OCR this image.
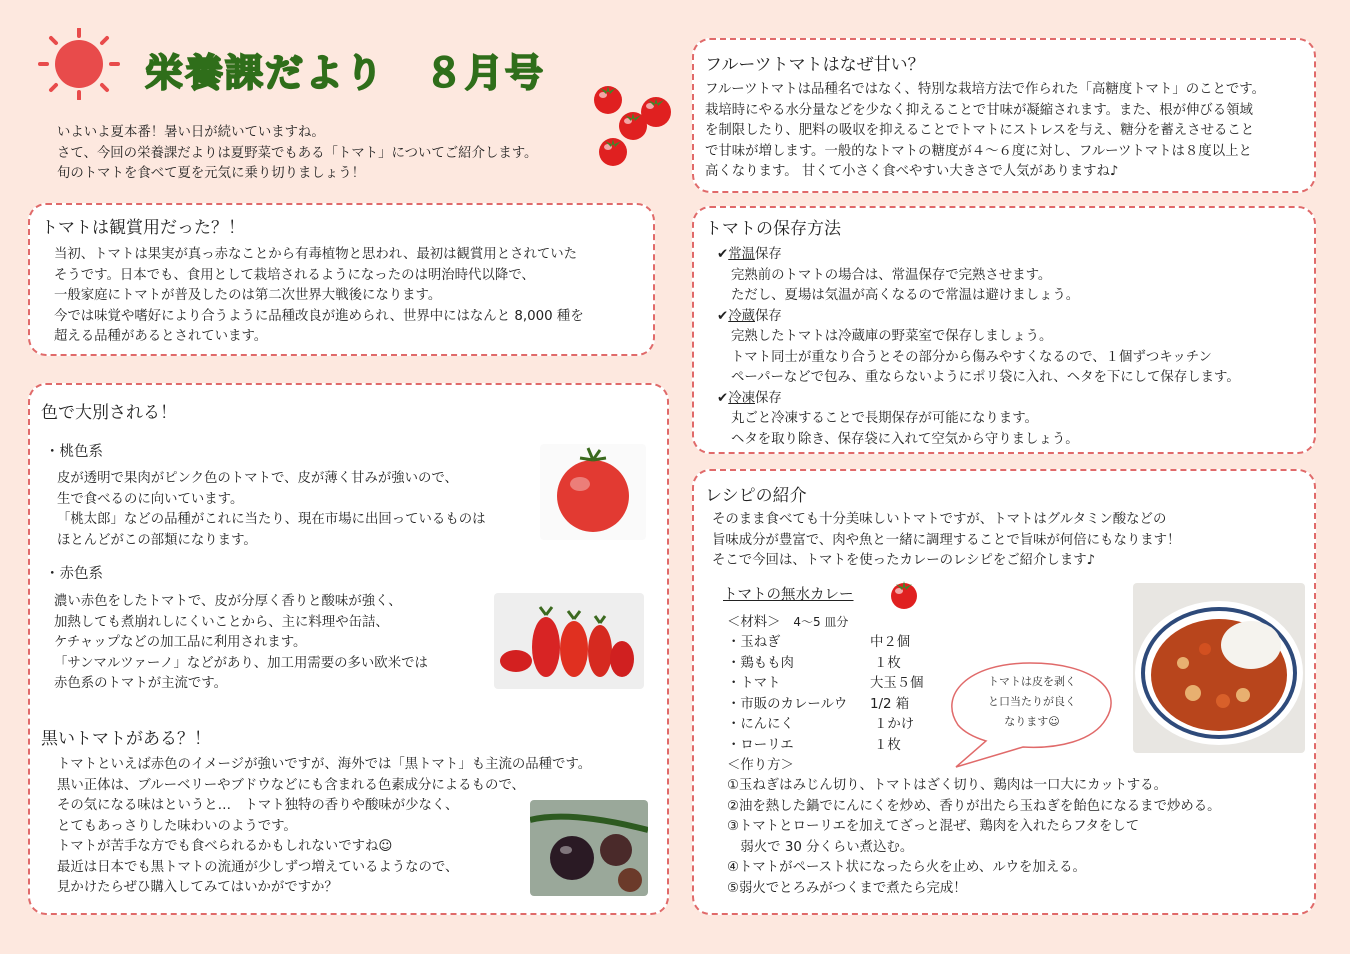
栄養課だより　８月号
いよいよ夏本番！暑い日が続いていますね。
さて、今回の栄養課だよりは夏野菜でもある「トマト」についてご紹介します。
旬のトマトを食べて夏を元気に乗り切りましょう！
トマトは観賞用だった？！
当初、トマトは果実が真っ赤なことから有毒植物と思われ、最初は観賞用とされていた
そうです。日本でも、食用として栽培されるようになったのは明治時代以降で、
一般家庭にトマトが普及したのは第二次世界大戦後になります。
今では味覚や嗜好により合うように品種改良が進められ、世界中にはなんと 8,000 種を
超える品種があるとされています。
色で大別される！
・桃色系
皮が透明で果肉がピンク色のトマトで、皮が薄く甘みが強いので、
生で食べるのに向いています。
「桃太郎」などの品種がこれに当たり、現在市場に出回っているものは
ほとんどがこの部類になります。
・赤色系
濃い赤色をしたトマトで、皮が分厚く香りと酸味が強く、
加熱しても煮崩れしにくいことから、主に料理や缶詰、
ケチャップなどの加工品に利用されます。
「サンマルツァーノ」などがあり、加工用需要の多い欧米では
赤色系のトマトが主流です。
黒いトマトがある？！
トマトといえば赤色のイメージが強いですが、海外では「黒トマト」も主流の品種です。
黒い正体は、ブルーベリーやブドウなどにも含まれる色素成分によるもので、
その気になる味はというと…　トマト独特の香りや酸味が少なく、
とてもあっさりした味わいのようです。
トマトが苦手な方でも食べられるかもしれないですね☺
最近は日本でも黒トマトの流通が少しずつ増えているようなので、
見かけたらぜひ購入してみてはいかがですか？
フルーツトマトはなぜ甘い？
フルーツトマトは品種名ではなく、特別な栽培方法で作られた「高糖度トマト」のことです。
栽培時にやる水分量などを少なく抑えることで甘味が凝縮されます。また、根が伸びる領域
を制限したり、肥料の吸収を抑えることでトマトにストレスを与え、糖分を蓄えさせること
で甘味が増します。一般的なトマトの糖度が４～６度に対し、フルーツトマトは８度以上と
高くなります。 甘くて小さく食べやすい大きさで人気がありますね♪
トマトの保存方法
✔常温保存
完熟前のトマトの場合は、常温保存で完熟させます。
ただし、夏場は気温が高くなるので常温は避けましょう。
✔冷蔵保存
完熟したトマトは冷蔵庫の野菜室で保存しましょう。
トマト同士が重なり合うとその部分から傷みやすくなるので、１個ずつキッチン
ペーパーなどで包み、重ならないようにポリ袋に入れ、ヘタを下にして保存します。
✔冷凍保存
丸ごと冷凍することで長期保存が可能になります。
ヘタを取り除き、保存袋に入れて空気から守りましょう。
レシピの紹介
そのまま食べても十分美味しいトマトですが、トマトはグルタミン酸などの
旨味成分が豊富で、肉や魚と一緒に調理することで旨味が何倍にもなります！
そこで今回は、トマトを使ったカレーのレシピをご紹介します♪
トマトの無水カレー
＜材料＞ 4～5 皿分
・玉ねぎ	中２個
・鶏もも肉	１枚
・トマト	大玉５個
・市販のカレールウ	1/2 箱
・にんにく	１かけ
・ローリエ	１枚
＜作り方＞
①玉ねぎはみじん切り、トマトはざく切り、鶏肉は一口大にカットする。
②油を熱した鍋でにんにくを炒め、香りが出たら玉ねぎを飴色になるまで炒める。
③トマトとローリエを加えてざっと混ぜ、鶏肉を入れたらフタをして
　弱火で 30 分くらい煮込む。
④トマトがペースト状になったら火を止め、ルウを加える。
⑤弱火でとろみがつくまで煮たら完成！
トマトは皮を剥く
と口当たりが良く
なります☺
